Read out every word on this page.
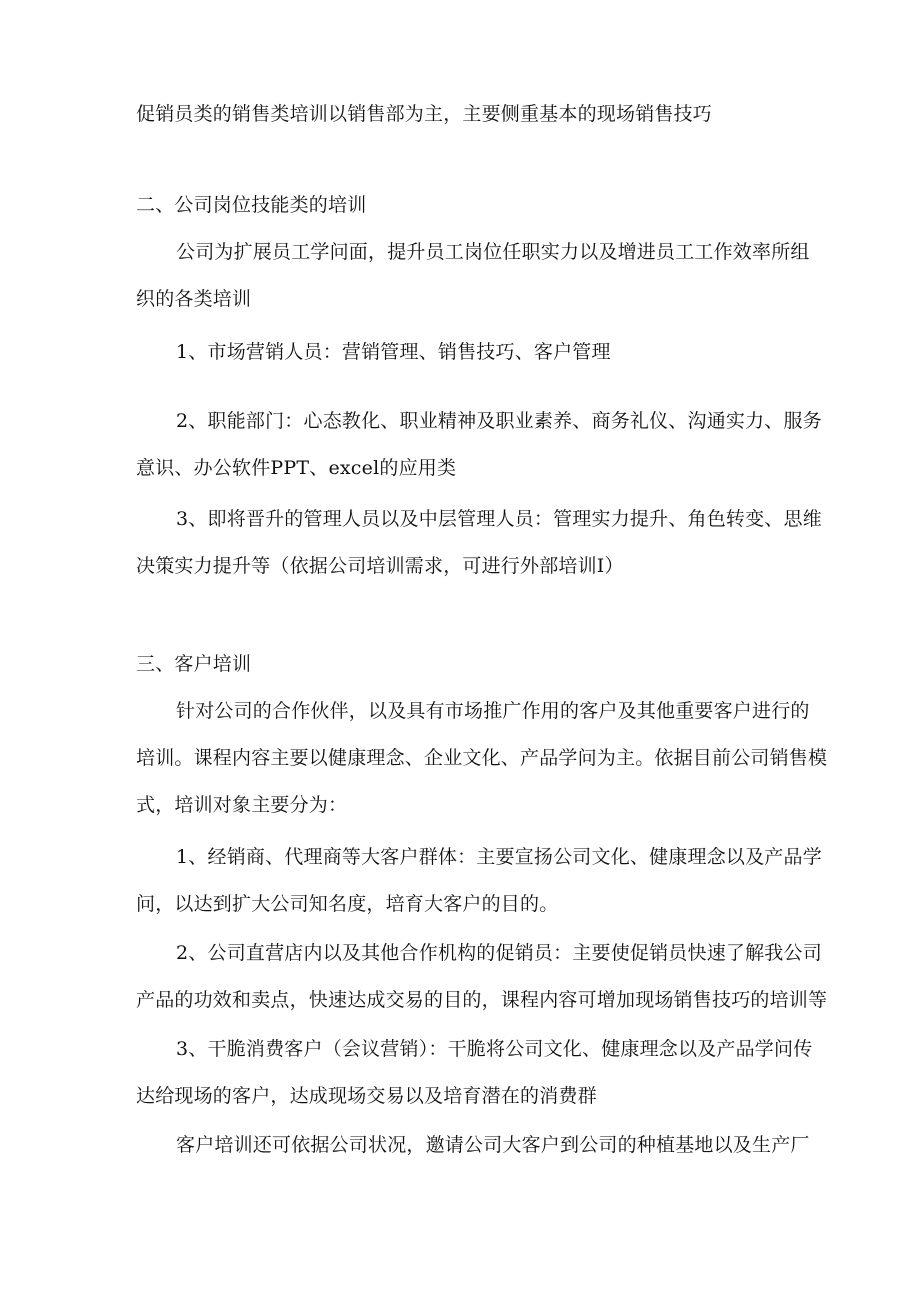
促销员类的销售类培训以销售部为主，主要侧重基本的现场销售技巧
二、公司岗位技能类的培训
公司为扩展员工学问面，提升员工岗位任职实力以及增进员工工作效率所组
织的各类培训
1、市场营销人员：营销管理、销售技巧、客户管理
2、职能部门：心态教化、职业精神及职业素养、商务礼仪、沟通实力、服务
意识、办公软件PPT、excel的应用类
3、即将晋升的管理人员以及中层管理人员：管理实力提升、角色转变、思维
决策实力提升等（依据公司培训需求，可进行外部培训I）
三、客户培训
针对公司的合作伙伴，以及具有市场推广作用的客户及其他重要客户进行的
培训。课程内容主要以健康理念、企业文化、产品学问为主。依据目前公司销售模
式，培训对象主要分为：
1、经销商、代理商等大客户群体：主要宣扬公司文化、健康理念以及产品学
问，以达到扩大公司知名度，培育大客户的目的。
2、公司直营店内以及其他合作机构的促销员：主要使促销员快速了解我公司
产品的功效和卖点，快速达成交易的目的，课程内容可增加现场销售技巧的培训等
3、干脆消费客户（会议营销）：干脆将公司文化、健康理念以及产品学问传
达给现场的客户，达成现场交易以及培育潜在的消费群
客户培训还可依据公司状况，邀请公司大客户到公司的种植基地以及生产厂
